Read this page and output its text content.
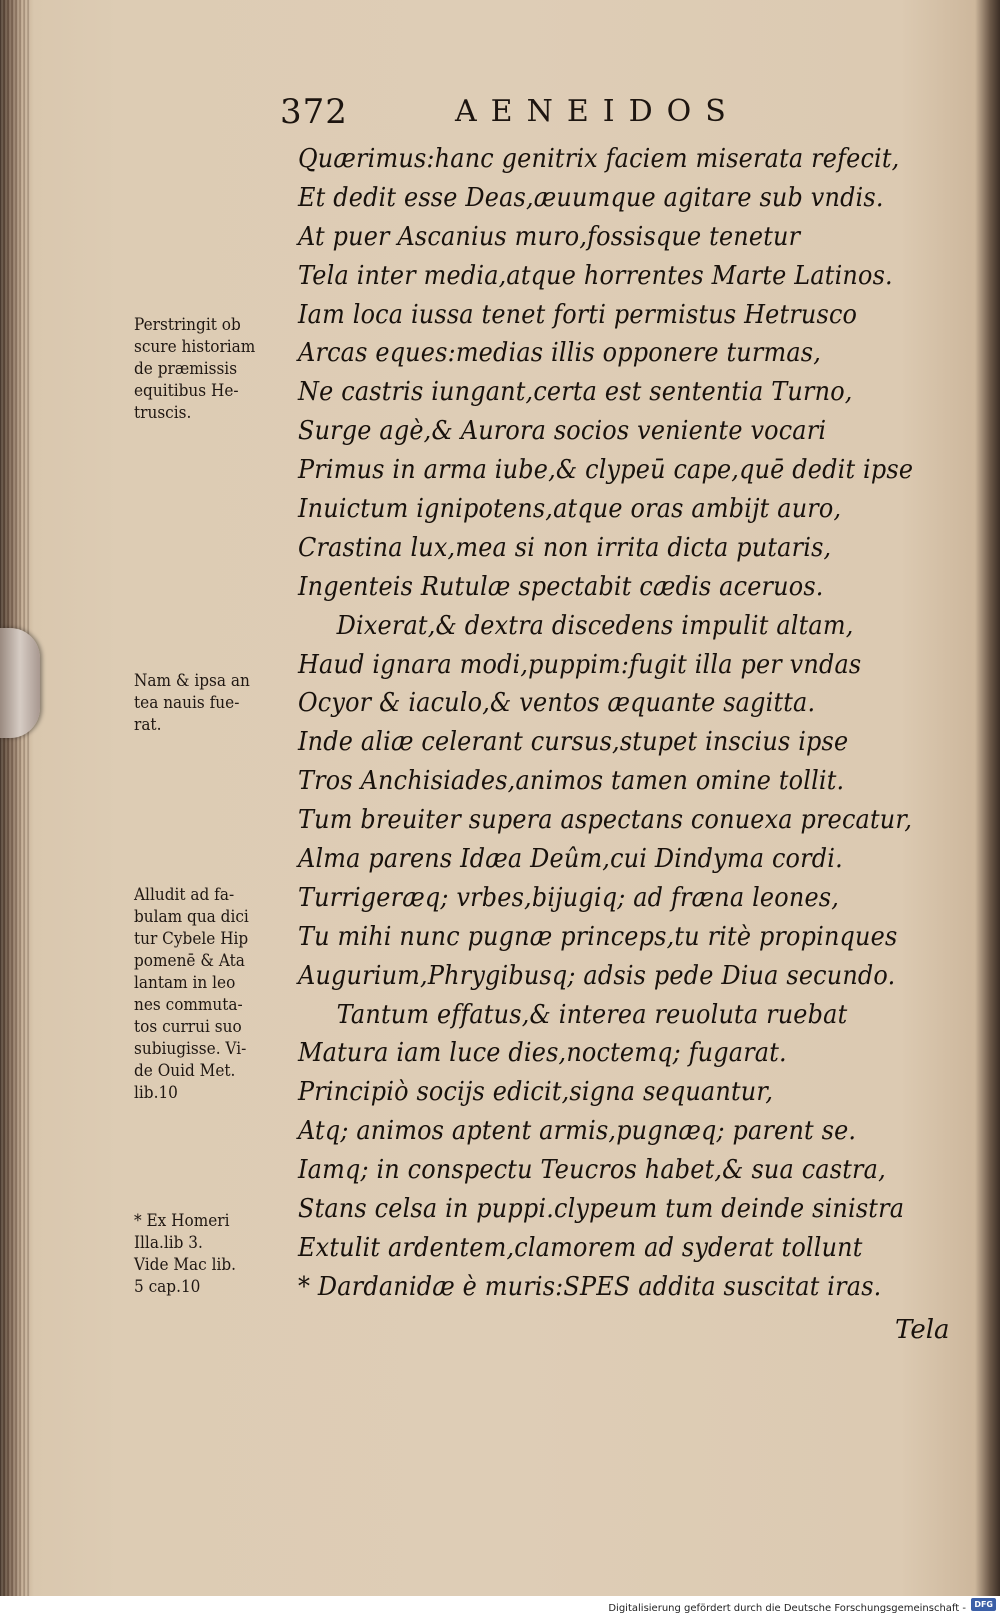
372	AENEIDOS
Quærimus:hanc genitrix faciem miserata refecit,
Et dedit esse Deas,æuumque agitare sub vndis.
At puer Ascanius muro,fossisque tenetur
Tela inter media,atque horrentes Marte Latinos.
Iam loca iussa tenet forti permistus Hetrusco
Arcas eques:medias illis opponere turmas,
Ne castris iungant,certa est sententia Turno,
Surge agè,& Aurora socios veniente vocari
Primus in arma iube,& clypeū cape,quē dedit ipse
Inuictum ignipotens,atque oras ambijt auro,
Crastina lux,mea si non irrita dicta putaris,
Ingenteis Rutulæ spectabit cædis aceruos.
Dixerat,& dextra discedens impulit altam,
Haud ignara modi,puppim:fugit illa per vndas
Ocyor & iaculo,& ventos æquante sagitta.
Inde aliæ celerant cursus,stupet inscius ipse
Tros Anchisiades,animos tamen omine tollit.
Tum breuiter supera aspectans conuexa precatur,
Alma parens Idæa Deûm,cui Dindyma cordi.
Turrigeræq; vrbes,bijugiq; ad fræna leones,
Tu mihi nunc pugnæ princeps,tu ritè propinques
Augurium,Phrygibusq; adsis pede Diua secundo.
Tantum effatus,& interea reuoluta ruebat
Matura iam luce dies,noctemq; fugarat.
Principiò socijs edicit,signa sequantur,
Atq; animos aptent armis,pugnæq; parent se.
Iamq; in conspectu Teucros habet,& sua castra,
Stans celsa in puppi.clypeum tum deinde sinistra
Extulit ardentem,clamorem ad syderat tollunt
* Dardanidæ è muris:SPES addita suscitat iras.
Tela
Perstringit ob
scure historiam
de præmissis
equitibus He-
truscis.
Nam & ipsa an
tea nauis fue-
rat.
Alludit ad fa-
bulam qua dici
tur Cybele Hip
pomenē & Ata
lantam in leo
nes commuta-
tos currui suo
subiugisse. Vi-
de Ouid Met.
lib.10
* Ex Homeri
Illa.lib 3.
Vide Mac lib.
5 cap.10
Digitalisierung gefördert durch die Deutsche Forschungsgemeinschaft -	DFG
